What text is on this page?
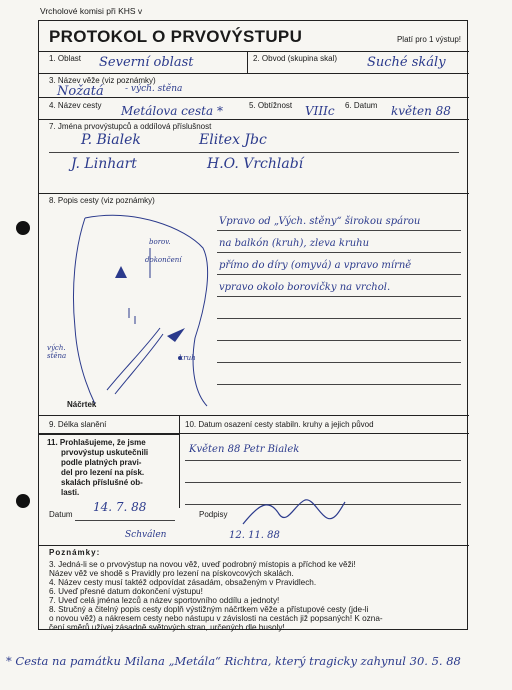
Vrcholové komisi při KHS v
PROTOKOL O PRVOVÝSTUPU	Platí pro 1 výstup!
1. Oblast Severní oblast	2. Obvod (skupina skal) Suché skály
3. Název věže (viz poznámky)
Nožatá - vých. stěna
4. Název cesty Metálova cesta *	5. Obtížnost VIIIc 6. Datum květen 88
7. Jména prvovýstupců a oddílová příslušnost
P. Bialek	Elitex Jbc
J. Linhart	H.O. Vrchlabí
8. Popis cesty (viz poznámky)
borov.
dokončení
vých. stěna	kruh
Náčrtek
Vpravo od „Vých. stěny“ širokou spárou
na balkón (kruh), zleva kruhu
přímo do díry (omyvá) a vpravo mírně
vpravo okolo borovičky na vrchol.
9. Délka slanění	10. Datum osazení cesty stabiln. kruhy a jejich původ
11. Prohlašujeme, že jsme
prvovýstup uskutečnili
podle platných pravi-
del pro lezení na písk.
skalách příslušné ob-
lasti.
Květen 88 Petr Bialek
Datum
14. 7. 88
Podpisy
Schválen	12. 11. 88
Poznámky:
3. Jedná-li se o prvovýstup na novou věž, uveď podrobný místopis a příchod ke věži!
Název věž ve shodě s Pravidly pro lezení na pískovcových skalách.
4. Název cesty musí taktéž odpovídat zásadám, obsaženým v Pravidlech.
6. Uveď přesné datum dokončení výstupu!
7. Uveď celá jména lezců a název sportovního oddílu a jednoty!
8. Stručný a čitelný popis cesty doplň výstižným náčrtkem věže a přístupové cesty (jde-li
o novou věž) a nákresem cesty nebo nástupu v závislosti na cestách již popsaných! K ozna-
čení směrů užívej zásadně světových stran, určených dle busoly!
* Cesta na památku Milana „Metála“ Richtra, který tragicky zahynul 30. 5. 88
